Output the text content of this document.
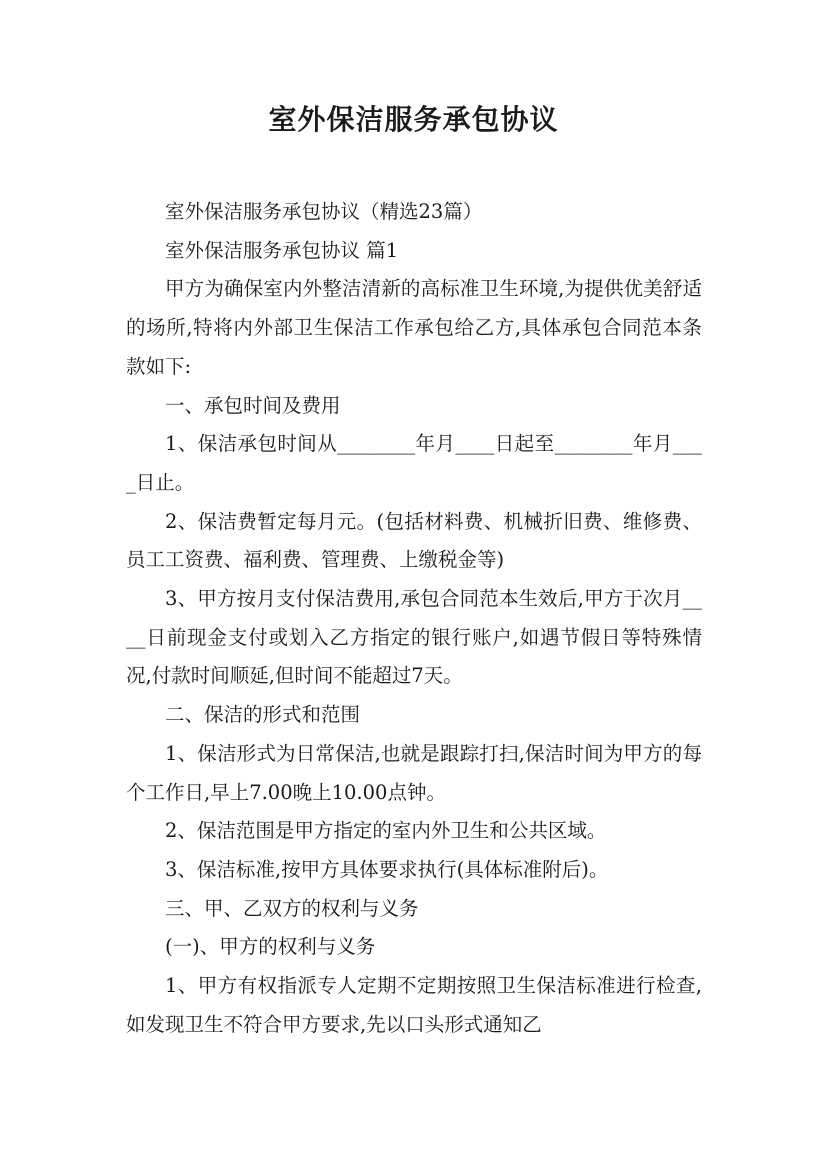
室外保洁服务承包协议

室外保洁服务承包协议（精选23篇）

室外保洁服务承包协议 篇1

甲方为确保室内外整洁清新的高标准卫生环境,为提供优美舒适的场所,特将内外部卫生保洁工作承包给乙方,具体承包合同范本条款如下:

一、承包时间及费用

1、保洁承包时间从________年月____日起至________年月____日止。

2、保洁费暂定每月元。(包括材料费、机械折旧费、维修费、员工工资费、福利费、管理费、上缴税金等)

3、甲方按月支付保洁费用,承包合同范本生效后,甲方于次月____日前现金支付或划入乙方指定的银行账户,如遇节假日等特殊情况,付款时间顺延,但时间不能超过7天。

二、保洁的形式和范围

1、保洁形式为日常保洁,也就是跟踪打扫,保洁时间为甲方的每个工作日,早上7.00晚上10.00点钟。

2、保洁范围是甲方指定的室内外卫生和公共区域。

3、保洁标准,按甲方具体要求执行(具体标准附后)。

三、甲、乙双方的权利与义务

(一)、甲方的权利与义务

1、甲方有权指派专人定期不定期按照卫生保洁标准进行检查,如发现卫生不符合甲方要求,先以口头形式通知乙
